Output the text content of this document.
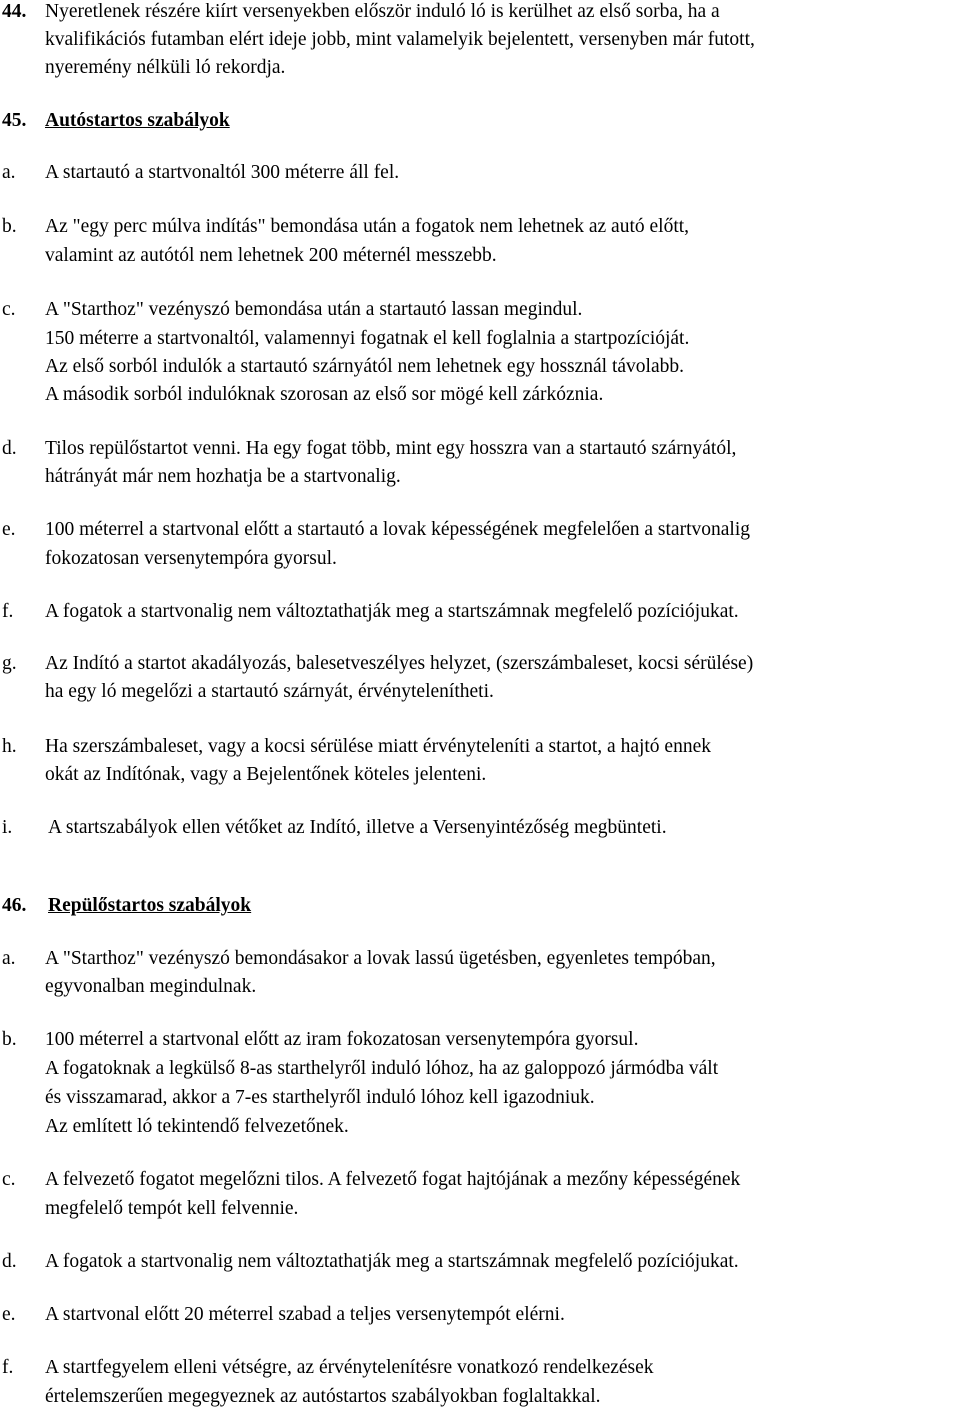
44. Nyeretlenek részére kiírt versenyekben először induló ló is kerülhet az első sorba, ha a
kvalifikációs futamban elért ideje jobb, mint valamelyik bejelentett, versenyben már futott,
nyeremény nélküli ló rekordja.
45. Autóstartos szabályok
a. A startautó a startvonaltól 300 méterre áll fel.
b. Az "egy perc múlva indítás" bemondása után a fogatok nem lehetnek az autó előtt,
valamint az autótól nem lehetnek 200 méternél messzebb.
c. A "Starthoz" vezényszó bemondása után a startautó lassan megindul.
150 méterre a startvonaltól, valamennyi fogatnak el kell foglalnia a startpozícióját.
Az első sorból indulók a startautó szárnyától nem lehetnek egy hossznál távolabb.
A második sorból indulóknak szorosan az első sor mögé kell zárkóznia.
d. Tilos repülőstartot venni. Ha egy fogat több, mint egy hosszra van a startautó szárnyától,
hátrányát már nem hozhatja be a startvonalig.
e. 100 méterrel a startvonal előtt a startautó a lovak képességének megfelelően a startvonalig
fokozatosan versenytempóra gyorsul.
f. A fogatok a startvonalig nem változtathatják meg a startszámnak megfelelő pozíciójukat.
g. Az Indító a startot akadályozás, balesetveszélyes helyzet, (szerszámbaleset, kocsi sérülése)
ha egy ló megelőzi a startautó szárnyát, érvényteleníthetі.
h. Ha szerszámbaleset, vagy a kocsi sérülése miatt érvényteleníti a startot, a hajtó ennek
okát az Indítónak, vagy a Bejelentőnek köteles jelenteni.
i. A startszabályok ellen vétőket az Indító, illetve a Versenyintézőség megbünteti.
46. Repülőstartos szabályok
a. A "Starthoz" vezényszó bemondásakor a lovak lassú ügetésben, egyenletes tempóban,
egyvonalban megindulnak.
b. 100 méterrel a startvonal előtt az iram fokozatosan versenytempóra gyorsul.
A fogatoknak a legkülső 8-as starthelyről induló lóhoz, ha az galoppozó jármódba vált
és visszamarad, akkor a 7-es starthelyről induló lóhoz kell igazodniuk.
Az említett ló tekintendő felvezetőnek.
c. A felvezető fogatot megelőzni tilos. A felvezető fogat hajtójának a mezőny képességének
megfelelő tempót kell felvennie.
d. A fogatok a startvonalig nem változtathatják meg a startszámnak megfelelő pozíciójukat.
e. A startvonal előtt 20 méterrel szabad a teljes versenytempót elérni.
f. A startfegyelem elleni vétségre, az érvénytelenítésre vonatkozó rendelkezések
értelemszerűen megegyeznek az autóstartos szabályokban foglaltakkal.
